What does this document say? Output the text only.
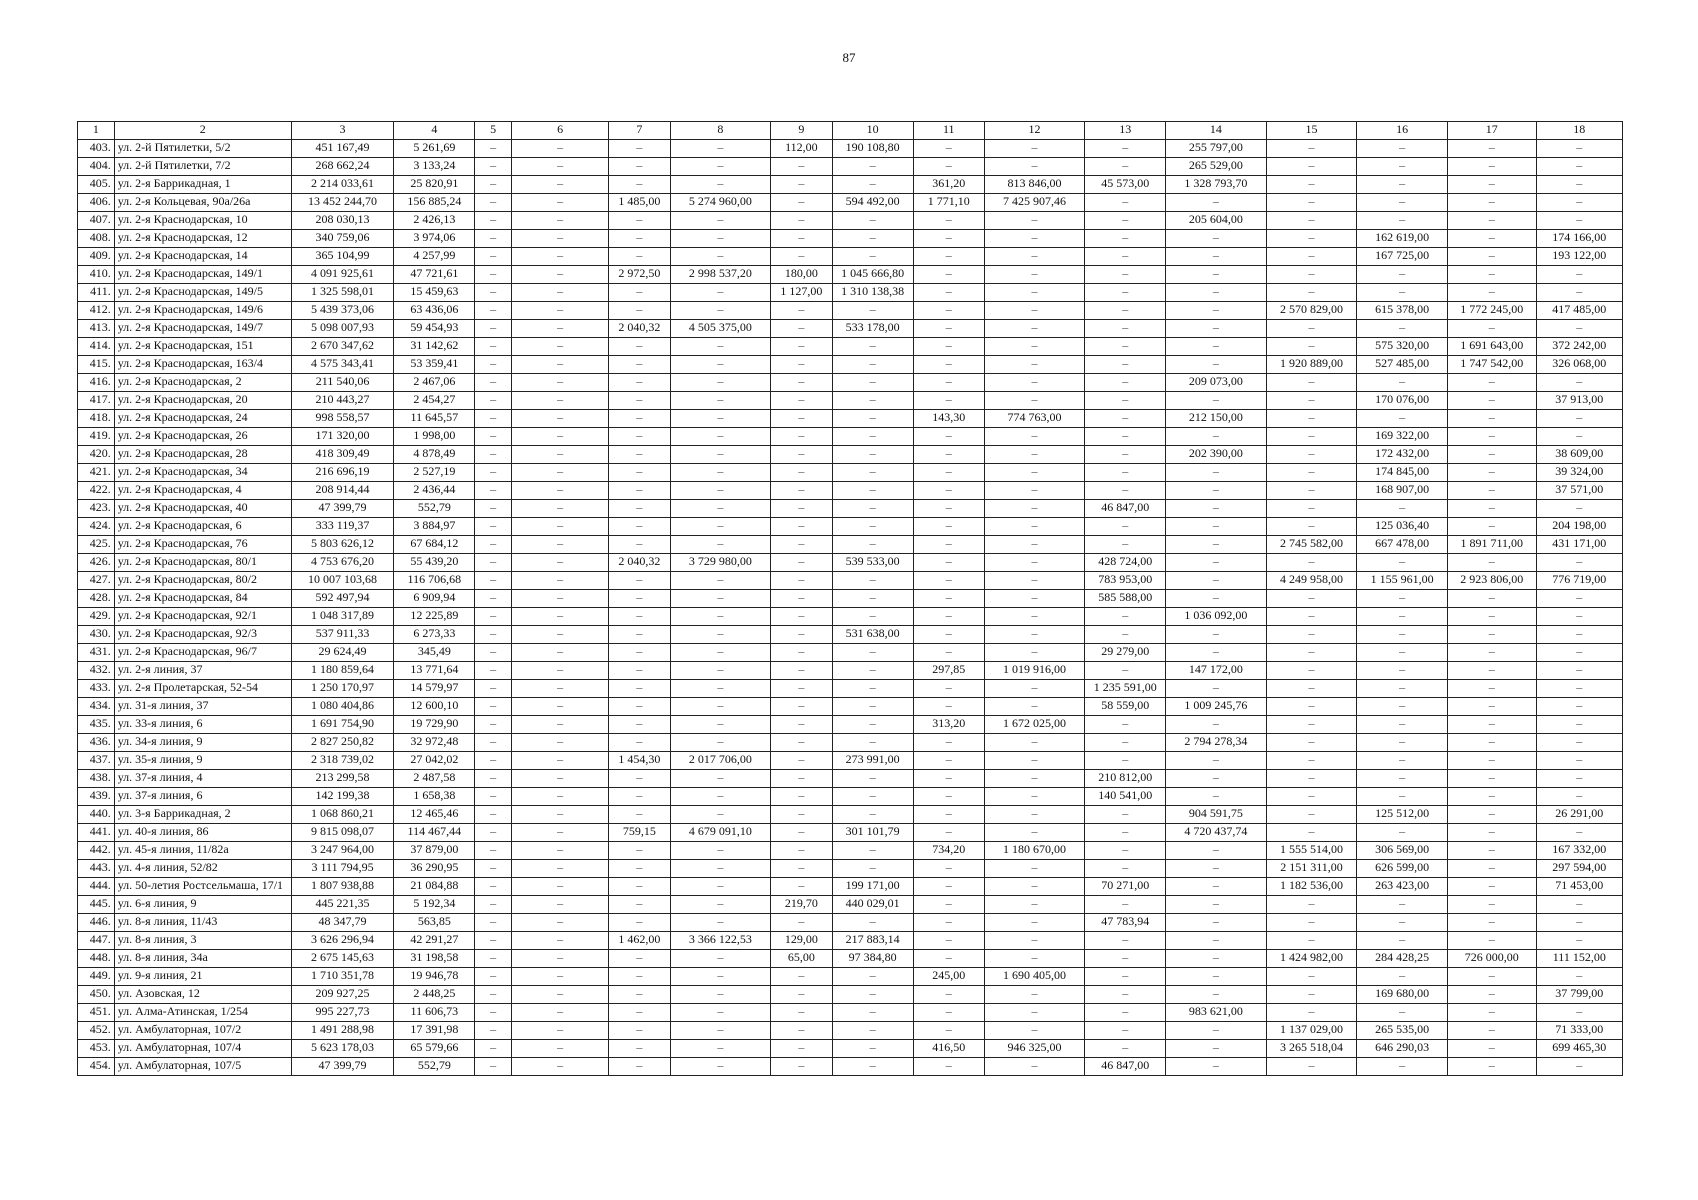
87
1	2	3	4	5	6	7	8	9	10	11	12	13	14	15	16	17	18
403.	ул. 2-й Пятилетки, 5/2	451 167,49	5 261,69	–	–	–	–	112,00	190 108,80	–	–	–	255 797,00	–	–	–	–
404.	ул. 2-й Пятилетки, 7/2	268 662,24	3 133,24	–	–	–	–	–	–	–	–	–	265 529,00	–	–	–	–
405.	ул. 2-я Баррикадная, 1	2 214 033,61	25 820,91	–	–	–	–	–	–	361,20	813 846,00	45 573,00	1 328 793,70	–	–	–	–
406.	ул. 2-я Кольцевая, 90а/26а	13 452 244,70	156 885,24	–	–	1 485,00	5 274 960,00	–	594 492,00	1 771,10	7 425 907,46	–	–	–	–	–	–
407.	ул. 2-я Краснодарская, 10	208 030,13	2 426,13	–	–	–	–	–	–	–	–	–	205 604,00	–	–	–	–
408.	ул. 2-я Краснодарская, 12	340 759,06	3 974,06	–	–	–	–	–	–	–	–	–	–	–	162 619,00	–	174 166,00
409.	ул. 2-я Краснодарская, 14	365 104,99	4 257,99	–	–	–	–	–	–	–	–	–	–	–	167 725,00	–	193 122,00
410.	ул. 2-я Краснодарская, 149/1	4 091 925,61	47 721,61	–	–	2 972,50	2 998 537,20	180,00	1 045 666,80	–	–	–	–	–	–	–	–
411.	ул. 2-я Краснодарская, 149/5	1 325 598,01	15 459,63	–	–	–	–	1 127,00	1 310 138,38	–	–	–	–	–	–	–	–
412.	ул. 2-я Краснодарская, 149/6	5 439 373,06	63 436,06	–	–	–	–	–	–	–	–	–	–	2 570 829,00	615 378,00	1 772 245,00	417 485,00
413.	ул. 2-я Краснодарская, 149/7	5 098 007,93	59 454,93	–	–	2 040,32	4 505 375,00	–	533 178,00	–	–	–	–	–	–	–	–
414.	ул. 2-я Краснодарская, 151	2 670 347,62	31 142,62	–	–	–	–	–	–	–	–	–	–	–	575 320,00	1 691 643,00	372 242,00
415.	ул. 2-я Краснодарская, 163/4	4 575 343,41	53 359,41	–	–	–	–	–	–	–	–	–	–	1 920 889,00	527 485,00	1 747 542,00	326 068,00
416.	ул. 2-я Краснодарская, 2	211 540,06	2 467,06	–	–	–	–	–	–	–	–	–	209 073,00	–	–	–	–
417.	ул. 2-я Краснодарская, 20	210 443,27	2 454,27	–	–	–	–	–	–	–	–	–	–	–	170 076,00	–	37 913,00
418.	ул. 2-я Краснодарская, 24	998 558,57	11 645,57	–	–	–	–	–	–	143,30	774 763,00	–	212 150,00	–	–	–	–
419.	ул. 2-я Краснодарская, 26	171 320,00	1 998,00	–	–	–	–	–	–	–	–	–	–	–	169 322,00	–	–
420.	ул. 2-я Краснодарская, 28	418 309,49	4 878,49	–	–	–	–	–	–	–	–	–	202 390,00	–	172 432,00	–	38 609,00
421.	ул. 2-я Краснодарская, 34	216 696,19	2 527,19	–	–	–	–	–	–	–	–	–	–	–	174 845,00	–	39 324,00
422.	ул. 2-я Краснодарская, 4	208 914,44	2 436,44	–	–	–	–	–	–	–	–	–	–	–	168 907,00	–	37 571,00
423.	ул. 2-я Краснодарская, 40	47 399,79	552,79	–	–	–	–	–	–	–	–	46 847,00	–	–	–	–	–
424.	ул. 2-я Краснодарская, 6	333 119,37	3 884,97	–	–	–	–	–	–	–	–	–	–	–	125 036,40	–	204 198,00
425.	ул. 2-я Краснодарская, 76	5 803 626,12	67 684,12	–	–	–	–	–	–	–	–	–	–	2 745 582,00	667 478,00	1 891 711,00	431 171,00
426.	ул. 2-я Краснодарская, 80/1	4 753 676,20	55 439,20	–	–	2 040,32	3 729 980,00	–	539 533,00	–	–	428 724,00	–	–	–	–	–
427.	ул. 2-я Краснодарская, 80/2	10 007 103,68	116 706,68	–	–	–	–	–	–	–	–	783 953,00	–	4 249 958,00	1 155 961,00	2 923 806,00	776 719,00
428.	ул. 2-я Краснодарская, 84	592 497,94	6 909,94	–	–	–	–	–	–	–	–	585 588,00	–	–	–	–	–
429.	ул. 2-я Краснодарская, 92/1	1 048 317,89	12 225,89	–	–	–	–	–	–	–	–	–	1 036 092,00	–	–	–	–
430.	ул. 2-я Краснодарская, 92/3	537 911,33	6 273,33	–	–	–	–	–	531 638,00	–	–	–	–	–	–	–	–
431.	ул. 2-я Краснодарская, 96/7	29 624,49	345,49	–	–	–	–	–	–	–	–	29 279,00	–	–	–	–	–
432.	ул. 2-я линия, 37	1 180 859,64	13 771,64	–	–	–	–	–	–	297,85	1 019 916,00	–	147 172,00	–	–	–	–
433.	ул. 2-я Пролетарская, 52-54	1 250 170,97	14 579,97	–	–	–	–	–	–	–	–	1 235 591,00	–	–	–	–	–
434.	ул. 31-я линия, 37	1 080 404,86	12 600,10	–	–	–	–	–	–	–	–	58 559,00	1 009 245,76	–	–	–	–
435.	ул. 33-я линия, 6	1 691 754,90	19 729,90	–	–	–	–	–	–	313,20	1 672 025,00	–	–	–	–	–	–
436.	ул. 34-я линия, 9	2 827 250,82	32 972,48	–	–	–	–	–	–	–	–	–	2 794 278,34	–	–	–	–
437.	ул. 35-я линия, 9	2 318 739,02	27 042,02	–	–	1 454,30	2 017 706,00	–	273 991,00	–	–	–	–	–	–	–	–
438.	ул. 37-я линия, 4	213 299,58	2 487,58	–	–	–	–	–	–	–	–	210 812,00	–	–	–	–	–
439.	ул. 37-я линия, 6	142 199,38	1 658,38	–	–	–	–	–	–	–	–	140 541,00	–	–	–	–	–
440.	ул. 3-я Баррикадная, 2	1 068 860,21	12 465,46	–	–	–	–	–	–	–	–	–	904 591,75	–	125 512,00	–	26 291,00
441.	ул. 40-я линия, 86	9 815 098,07	114 467,44	–	–	759,15	4 679 091,10	–	301 101,79	–	–	–	4 720 437,74	–	–	–	–
442.	ул. 45-я линия, 11/82а	3 247 964,00	37 879,00	–	–	–	–	–	–	734,20	1 180 670,00	–	–	1 555 514,00	306 569,00	–	167 332,00
443.	ул. 4-я линия, 52/82	3 111 794,95	36 290,95	–	–	–	–	–	–	–	–	–	–	2 151 311,00	626 599,00	–	297 594,00
444.	ул. 50-летия Ростсельмаша, 17/1	1 807 938,88	21 084,88	–	–	–	–	–	199 171,00	–	–	70 271,00	–	1 182 536,00	263 423,00	–	71 453,00
445.	ул. 6-я линия, 9	445 221,35	5 192,34	–	–	–	–	219,70	440 029,01	–	–	–	–	–	–	–	–
446.	ул. 8-я линия, 11/43	48 347,79	563,85	–	–	–	–	–	–	–	–	47 783,94	–	–	–	–	–
447.	ул. 8-я линия, 3	3 626 296,94	42 291,27	–	–	1 462,00	3 366 122,53	129,00	217 883,14	–	–	–	–	–	–	–	–
448.	ул. 8-я линия, 34а	2 675 145,63	31 198,58	–	–	–	–	65,00	97 384,80	–	–	–	–	1 424 982,00	284 428,25	726 000,00	111 152,00
449.	ул. 9-я линия, 21	1 710 351,78	19 946,78	–	–	–	–	–	–	245,00	1 690 405,00	–	–	–	–	–	–
450.	ул. Азовская, 12	209 927,25	2 448,25	–	–	–	–	–	–	–	–	–	–	–	169 680,00	–	37 799,00
451.	ул. Алма-Атинская, 1/254	995 227,73	11 606,73	–	–	–	–	–	–	–	–	–	983 621,00	–	–	–	–
452.	ул. Амбулаторная, 107/2	1 491 288,98	17 391,98	–	–	–	–	–	–	–	–	–	–	1 137 029,00	265 535,00	–	71 333,00
453.	ул. Амбулаторная, 107/4	5 623 178,03	65 579,66	–	–	–	–	–	–	416,50	946 325,00	–	–	3 265 518,04	646 290,03	–	699 465,30
454.	ул. Амбулаторная, 107/5	47 399,79	552,79	–	–	–	–	–	–	–	–	46 847,00	–	–	–	–	–
